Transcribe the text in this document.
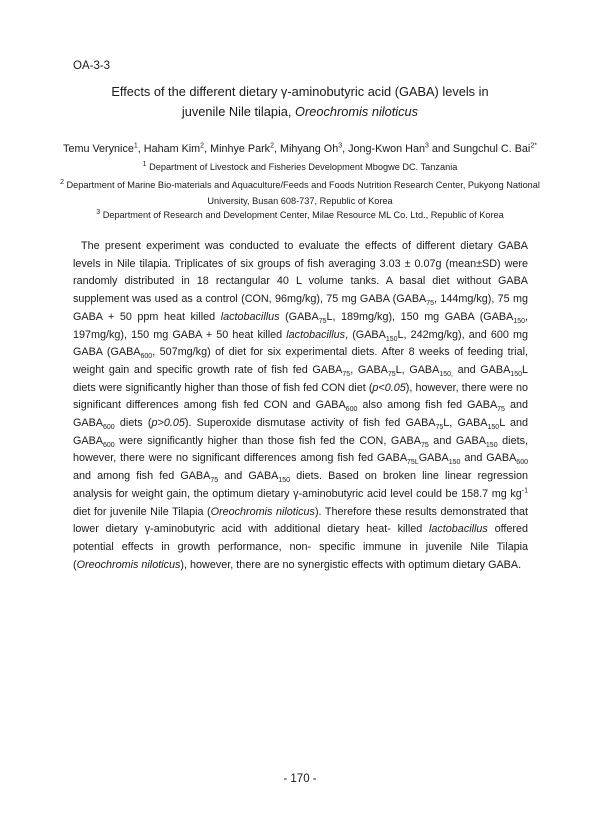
OA-3-3
Effects of the different dietary γ-aminobutyric acid (GABA) levels in
juvenile Nile tilapia, Oreochromis niloticus
Temu Verynice$^1$, Haham Kim$^2$, Minhye Park$^2$, Mihyang Oh$^3$, Jong-Kwon Han$^3$ and Sungchul C. Bai$^{2*}$
$^1$ Department of Livestock and Fisheries Development Mbogwe DC. Tanzania
$^2$ Department of Marine Bio-materials and Aquaculture/Feeds and Foods Nutrition Research Center, Pukyong National University, Busan 608-737, Republic of Korea
$^3$ Department of Research and Development Center, Milae Resource ML Co. Ltd., Republic of Korea

The present experiment was conducted to evaluate the effects of different dietary GABA levels in Nile tilapia. Triplicates of six groups of fish averaging 3.03 ± 0.07g (mean±SD) were randomly distributed in 18 rectangular 40 L volume tanks. A basal diet without GABA supplement was used as a control (CON, 96mg/kg), 75 mg GABA ($GABA_{75}$, 144mg/kg), 75 mg GABA + 50 ppm heat killed lactobacillus ($GABA_{75}L$, 189mg/kg), 150 mg GABA ($GABA_{150}$, 197mg/kg), 150 mg GABA + 50 heat killed lactobacillus, ($GABA_{150}L$, 242mg/kg), and 600 mg GABA ($GABA_{600}$, 507mg/kg) of diet for six experimental diets. After 8 weeks of feeding trial, weight gain and specific growth rate of fish fed $GABA_{75}$, $GABA_{75}L$, $GABA_{150,}$ and $GABA_{150}L$ diets were significantly higher than those of fish fed CON diet (p<0.05), however, there were no significant differences among fish fed CON and $GABA_{600}$ also among fish fed $GABA_{75}$ and $GABA_{600}$ diets (p>0.05). Superoxide dismutase activity of fish fed $GABA_{75}L$, $GABA_{150}L$ and $GABA_{600}$ were significantly higher than those fish fed the CON, $GABA_{75}$ and $GABA_{150}$ diets, however, there were no significant differences among fish fed $GABA_{75L}GABA_{150}$ and $GABA_{600}$ and among fish fed $GABA_{75}$ and $GABA_{150}$ diets. Based on broken line linear regression analysis for weight gain, the optimum dietary γ-aminobutyric acid level could be 158.7 mg $kg^{-1}$ diet for juvenile Nile Tilapia (Oreochromis niloticus). Therefore these results demonstrated that lower dietary γ-aminobutyric acid with additional dietary heat- killed lactobacillus offered potential effects in growth performance, non- specific immune in juvenile Nile Tilapia (Oreochromis niloticus), however, there are no synergistic effects with optimum dietary GABA.

- 170 -
